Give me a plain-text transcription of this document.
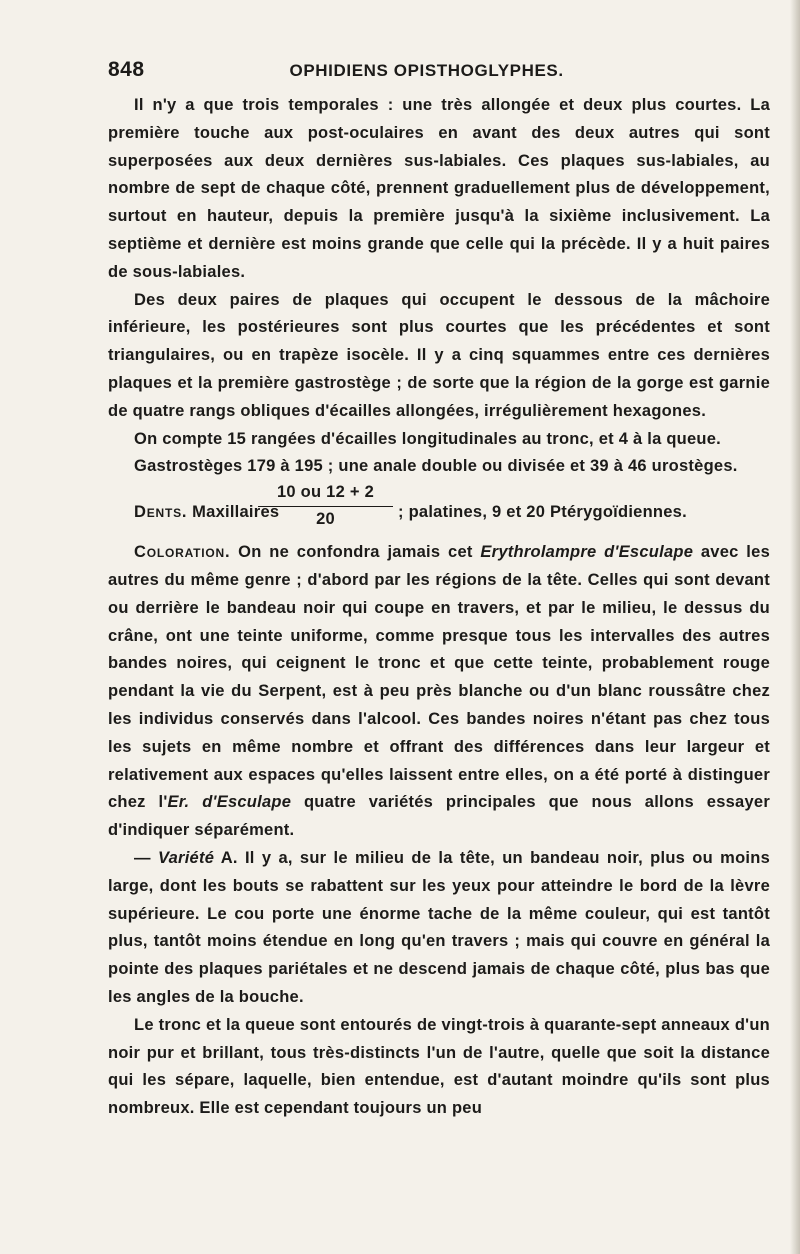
848	OPHIDIENS OPISTHOGLYPHES.

Il n'y a que trois temporales : une très allongée et deux plus courtes. La première touche aux post-oculaires en avant des deux autres qui sont superposées aux deux dernières sus-labiales. Ces plaques sus-labiales, au nombre de sept de chaque côté, prennent graduellement plus de développement, surtout en hauteur, depuis la première jusqu'à la sixième inclusivement. La septième et dernière est moins grande que celle qui la précède. Il y a huit paires de sous-labiales.

Des deux paires de plaques qui occupent le dessous de la mâchoire inférieure, les postérieures sont plus courtes que les précédentes et sont triangulaires, ou en trapèze isocèle. Il y a cinq squammes entre ces dernières plaques et la première gastrostège ; de sorte que la région de la gorge est garnie de quatre rangs obliques d'écailles allongées, irrégulièrement hexagones.

On compte 15 rangées d'écailles longitudinales au tronc, et 4 à la queue.

Gastrostèges 179 à 195 ; une anale double ou divisée et 39 à 46 urostèges.

Dents. Maxillaires
10 ou 12 + 2
20	; palatines, 9 et 20 Ptérygoïdiennes.

Coloration. On ne confondra jamais cet Erythrolampre d'Esculape avec les autres du même genre ; d'abord par les régions de la tête. Celles qui sont devant ou derrière le bandeau noir qui coupe en travers, et par le milieu, le dessus du crâne, ont une teinte uniforme, comme presque tous les intervalles des autres bandes noires, qui ceignent le tronc et que cette teinte, probablement rouge pendant la vie du Serpent, est à peu près blanche ou d'un blanc roussâtre chez les individus conservés dans l'alcool. Ces bandes noires n'étant pas chez tous les sujets en même nombre et offrant des différences dans leur largeur et relativement aux espaces qu'elles laissent entre elles, on a été porté à distinguer chez l'Er. d'Esculape quatre variétés principales que nous allons essayer d'indiquer séparément.

— Variété A. Il y a, sur le milieu de la tête, un bandeau noir, plus ou moins large, dont les bouts se rabattent sur les yeux pour atteindre le bord de la lèvre supérieure. Le cou porte une énorme tache de la même couleur, qui est tantôt plus, tantôt moins étendue en long qu'en travers ; mais qui couvre en général la pointe des plaques pariétales et ne descend jamais de chaque côté, plus bas que les angles de la bouche.

Le tronc et la queue sont entourés de vingt-trois à quarante-sept anneaux d'un noir pur et brillant, tous très-distincts l'un de l'autre, quelle que soit la distance qui les sépare, laquelle, bien entendue, est d'autant moindre qu'ils sont plus nombreux. Elle est cependant toujours un peu
